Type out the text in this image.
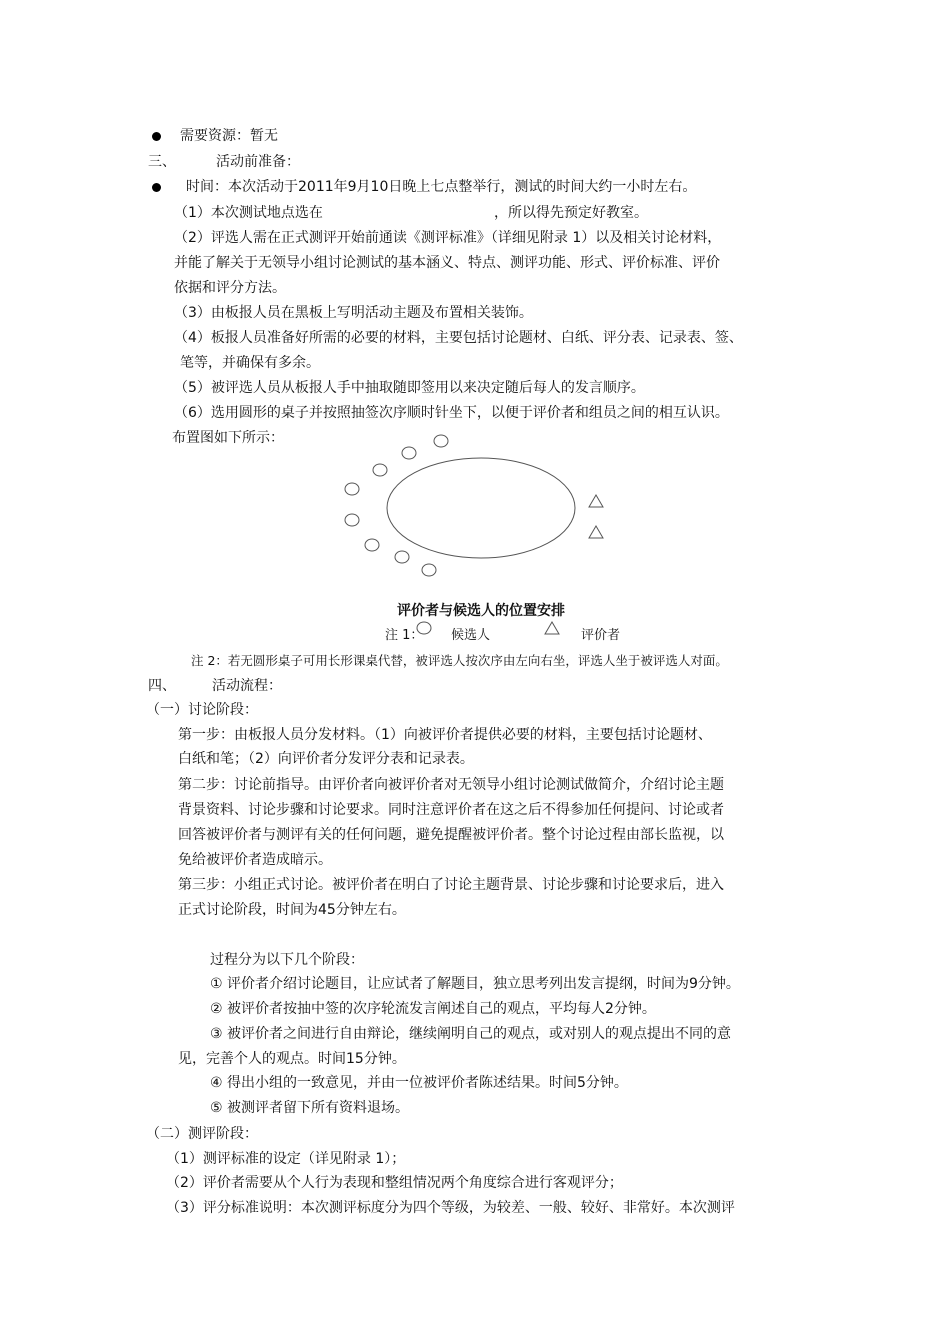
需要资源：暂无
三、	活动前准备：
时间：本次活动于2011年9月10日晚上七点整举行，测试的时间大约一小时左右。
（1）本次测试地点选在	，所以得先预定好教室。
（2）评选人需在正式测评开始前通读《测评标准》（详细见附录 1）以及相关讨论材料，
并能了解关于无领导小组讨论测试的基本涵义、特点、测评功能、形式、评价标准、评价
依据和评分方法。
（3）由板报人员在黑板上写明活动主题及布置相关装饰。
（4）板报人员准备好所需的必要的材料，主要包括讨论题材、白纸、评分表、记录表、签、
笔等，并确保有多余。
（5）被评选人员从板报人手中抽取随即签用以来决定随后每人的发言顺序。
（6）选用圆形的桌子并按照抽签次序顺时针坐下，以便于评价者和组员之间的相互认识。
布置图如下所示：
评价者与候选人的位置安排
注 1： 候选人	评价者
注 2：若无圆形桌子可用长形课桌代替，被评选人按次序由左向右坐，评选人坐于被评选人对面。
四、	活动流程：
（一）讨论阶段：
第一步：由板报人员分发材料。（1）向被评价者提供必要的材料，主要包括讨论题材、
白纸和笔；（2）向评价者分发评分表和记录表。
第二步：讨论前指导。由评价者向被评价者对无领导小组讨论测试做简介，介绍讨论主题
背景资料、讨论步骤和讨论要求。同时注意评价者在这之后不得参加任何提问、讨论或者
回答被评价者与测评有关的任何问题，避免提醒被评价者。整个讨论过程由部长监视，以
免给被评价者造成暗示。
第三步：小组正式讨论。被评价者在明白了讨论主题背景、讨论步骤和讨论要求后，进入
正式讨论阶段，时间为45分钟左右。
过程分为以下几个阶段：
① 评价者介绍讨论题目，让应试者了解题目，独立思考列出发言提纲，时间为9分钟。
② 被评价者按抽中签的次序轮流发言阐述自己的观点，平均每人2分钟。
③ 被评价者之间进行自由辩论，继续阐明自己的观点，或对别人的观点提出不同的意
见，完善个人的观点。时间15分钟。
④ 得出小组的一致意见，并由一位被评价者陈述结果。时间5分钟。
⑤ 被测评者留下所有资料退场。
（二）测评阶段：
（1）测评标准的设定（详见附录 1）；
（2）评价者需要从个人行为表现和整组情况两个角度综合进行客观评分；
（3）评分标准说明：本次测评标度分为四个等级，为较差、一般、较好、非常好。本次测评
